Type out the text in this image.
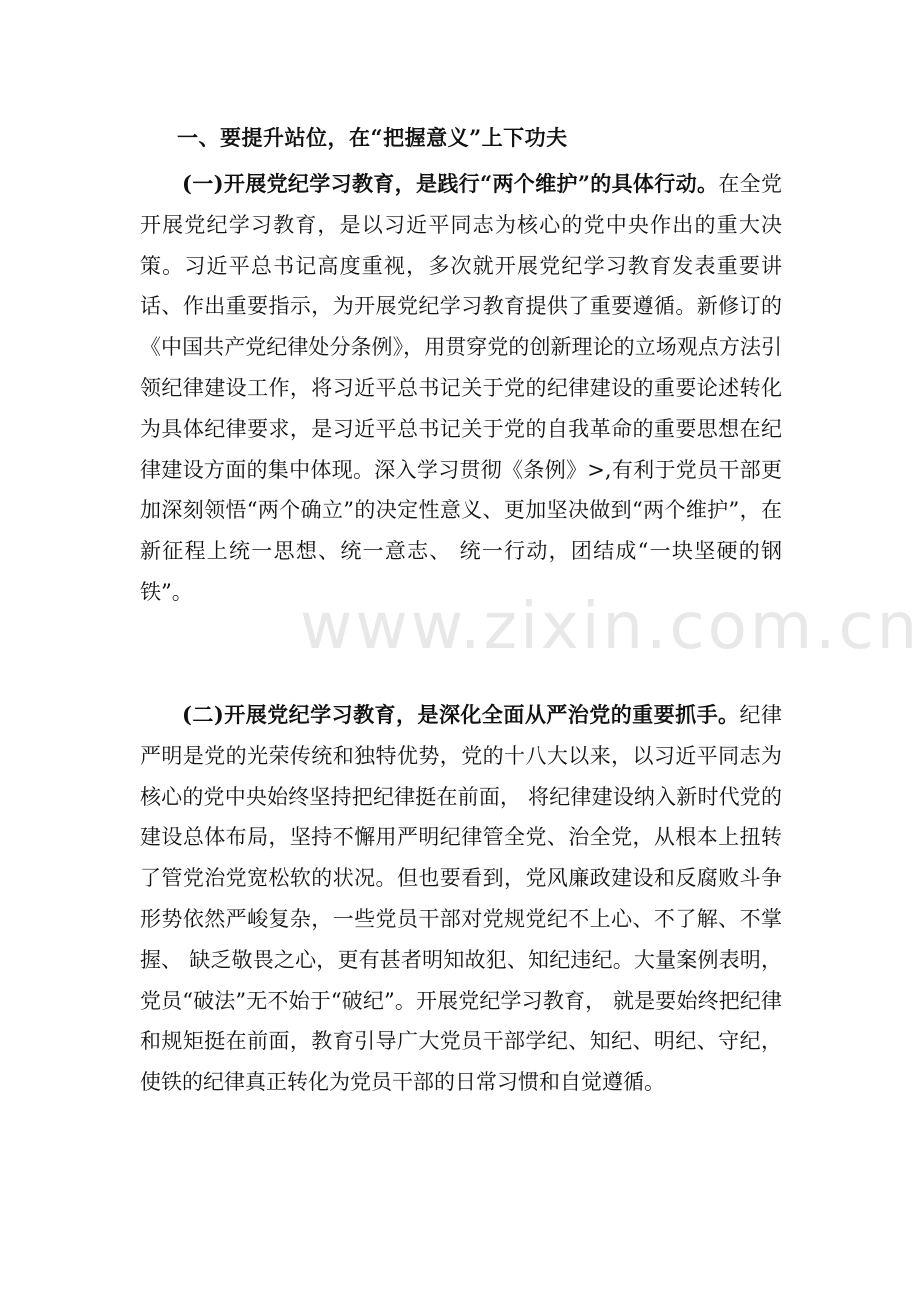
一、要提升站位，在“把握意义”上下功夫

(一)开展党纪学习教育，是践行“两个维护”的具体行动。在全党开展党纪学习教育，是以习近平同志为核心的党中央作出的重大决策。习近平总书记高度重视，多次就开展党纪学习教育发表重要讲话、作出重要指示，为开展党纪学习教育提供了重要遵循。新修订的《中国共产党纪律处分条例》，用贯穿党的创新理论的立场观点方法引领纪律建设工作，将习近平总书记关于党的纪律建设的重要论述转化为具体纪律要求，是习近平总书记关于党的自我革命的重要思想在纪律建设方面的集中体现。深入学习贯彻《条例》>,有利于党员干部更加深刻领悟“两个确立”的决定性意义、更加坚决做到“两个维护”，在新征程上统一思想、统一意志、 统一行动，团结成“一块坚硬的钢铁”。

(二)开展党纪学习教育，是深化全面从严治党的重要抓手。纪律严明是党的光荣传统和独特优势，党的十八大以来，以习近平同志为核心的党中央始终坚持把纪律挺在前面， 将纪律建设纳入新时代党的建设总体布局，坚持不懈用严明纪律管全党、治全党，从根本上扭转了管党治党宽松软的状况。但也要看到，党风廉政建设和反腐败斗争形势依然严峻复杂，一些党员干部对党规党纪不上心、不了解、不掌握、 缺乏敬畏之心，更有甚者明知故犯、知纪违纪。大量案例表明，党员“破法”无不始于“破纪”。开展党纪学习教育， 就是要始终把纪律和规矩挺在前面，教育引导广大党员干部学纪、知纪、明纪、守纪，使铁的纪律真正转化为党员干部的日常习惯和自觉遵循。

www.zixin.com.cn
